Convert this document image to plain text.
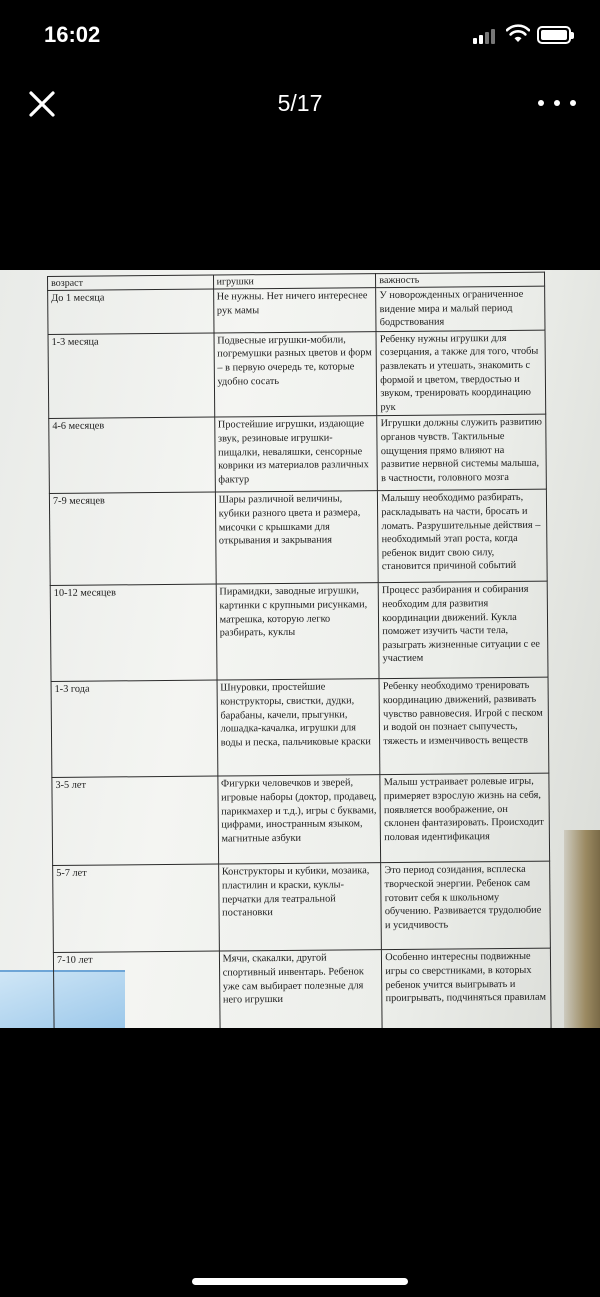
16:02
5/17
возраст	игрушки	важность
До 1 месяца	Не нужны. Нет ничего интереснее рук мамы	У новорожденных ограниченное видение мира и малый период бодрствования
1-3 месяца	Подвесные игрушки-мобили, погремушки разных цветов и форм – в первую очередь те, которые удобно сосать	Ребенку нужны игрушки для созерцания, а также для того, чтобы развлекать и утешать, знакомить с формой и цветом, твердостью и звуком, тренировать координацию рук
4-6 месяцев	Простейшие игрушки, издающие звук, резиновые игрушки-пищалки, неваляшки, сенсорные коврики из материалов различных фактур	Игрушки должны служить развитию органов чувств. Тактильные ощущения прямо влияют на развитие нервной системы малыша, в частности, головного мозга
7-9 месяцев	Шары различной величины, кубики разного цвета и размера, мисочки с крышками для открывания и закрывания	Малышу необходимо разбирать, раскладывать на части, бросать и ломать. Разрушительные действия – необходимый этап роста, когда ребенок видит свою силу, становится причиной событий
10-12 месяцев	Пирамидки, заводные игрушки, картинки с крупными рисунками, матрешка, которую легко разбирать, куклы	Процесс разбирания и собирания необходим для развития координации движений. Кукла поможет изучить части тела, разыграть жизненные ситуации с ее участием
1-3 года	Шнуровки, простейшие конструкторы, свистки, дудки, барабаны, качели, прыгунки, лошадка-качалка, игрушки для воды и песка, пальчиковые краски	Ребенку необходимо тренировать координацию движений, развивать чувство равновесия. Игрой с песком и водой он познает сыпучесть, тяжесть и изменчивость веществ
3-5 лет	Фигурки человечков и зверей, игровые наборы (доктор, продавец, парикмахер и т.д.), игры с буквами, цифрами, иностранным языком, магнитные азбуки	Малыш устраивает ролевые игры, примеряет взрослую жизнь на себя, появляется воображение, он склонен фантазировать. Происходит половая идентификация
5-7 лет	Конструкторы и кубики, мозаика, пластилин и краски, куклы-перчатки для театральной постановки	Это период созидания, всплеска творческой энергии. Ребенок сам готовит себя к школьному обучению. Развивается трудолюбие и усидчивость
7-10 лет	Мячи, скакалки, другой спортивный инвентарь. Ребенок уже сам выбирает полезные для него игрушки	Особенно интересны подвижные игры со сверстниками, в которых ребенок учится выигрывать и проигрывать, подчиняться правилам
